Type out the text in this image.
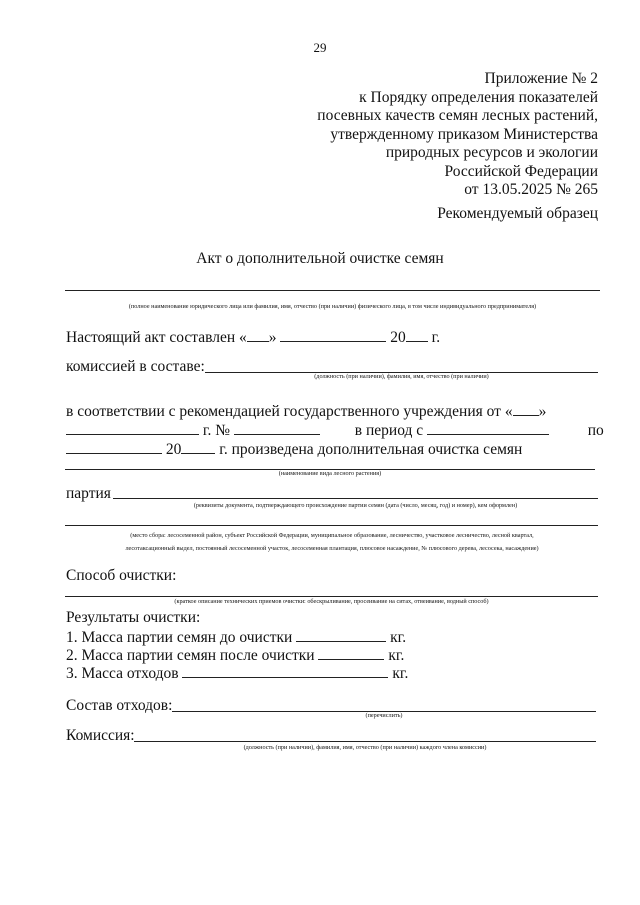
29
Приложение № 2
к Порядку определения показателей
посевных качеств семян лесных растений,
утвержденному приказом Министерства
природных ресурсов и экологии
Российской Федерации
от 13.05.2025 № 265
Рекомендуемый образец
Акт о дополнительной очистке семян
(полное наименование юридического лица или фамилия, имя, отчество (при наличии) физического лица, в том числе индивидуального предпринимателя)
Настоящий акт составлен « »	20 г.
комиссией в составе:
(должность (при наличии), фамилия, имя, отчество (при наличии)
в соответствии с рекомендацией государственного учреждения от « »
г. №	в период с	по
20 г. произведена дополнительная очистка семян
(наименование вида лесного растения)
партия
(реквизиты документа, подтверждающего происхождение партии семян (дата (число, месяц, год) и номер), кем оформлен)
(место сбора: лесосеменной район, субъект Российской Федерации, муниципальное образование, лесничество, участковое лесничество, лесной квартал,
лесотаксационный выдел, постоянный лесосеменной участок, лесосеменная плантация, плюсовое насаждение, № плюсового дерева, лесосека, насаждение)
Способ очистки:
(краткое описание технических приемов очистки: обескрыливание, просеивание на ситах, отвеивание, водный способ)
Результаты очистки:
1. Масса партии семян до очистки	кг.
2. Масса партии семян после очистки	кг.
3. Масса отходов	кг.
Состав отходов:
(перечислить)
Комиссия:
(должность (при наличии), фамилия, имя, отчество (при наличии) каждого члена комиссии)
